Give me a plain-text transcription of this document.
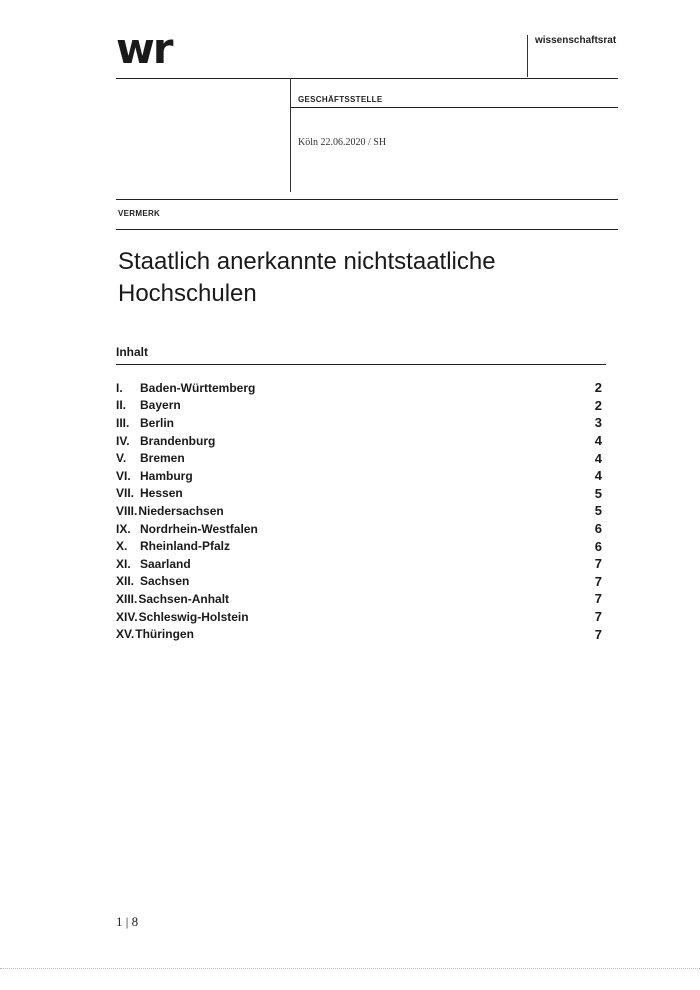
wr	wissenschaftsrat
GESCHÄFTSSTELLE
Köln 22.06.2020 / SH
VERMERK
Staatlich anerkannte nichtstaatliche
Hochschulen
Inhalt
I.	Baden-Württemberg	2
II.	Bayern	2
III. Berlin	3
IV. Brandenburg	4
V.	Bremen	4
VI. Hamburg	4
VII. Hessen	5
VIII. Niedersachsen	5
IX. Nordrhein-Westfalen	6
X.	Rheinland-Pfalz	6
XI. Saarland	7
XII. Sachsen	7
XIII. Sachsen-Anhalt	7
XIV. Schleswig-Holstein	7
XV. Thüringen	7
1 | 8
